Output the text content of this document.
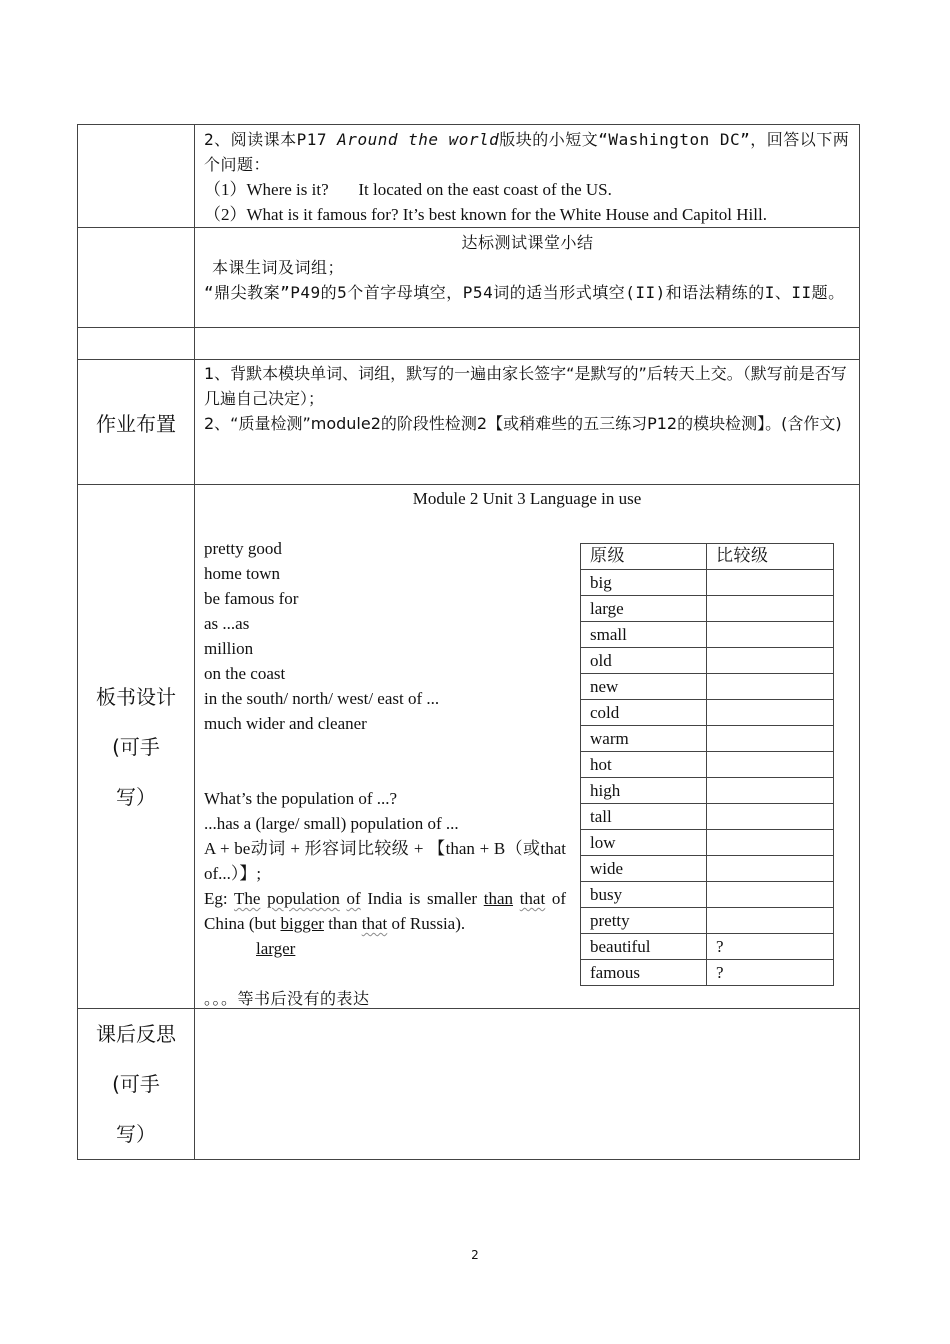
2、阅读课本P17 Around the world版块的小短文“Washington DC”，回答以下两个问题：
（1）Where is it?       It located on the east coast of the US.
（2）What is it famous for? It’s best known for the White House and Capitol Hill.

达标测试课堂小结
本课生词及词组；
“鼎尖教案”P49的5个首字母填空，P54词的适当形式填空(II)和语法精练的I、II题。

作业布置	
1、背默本模块单词、词组，默写的一遍由家长签字“是默写的”后转天上交。（默写前是否写几遍自己决定）；
2、“质量检测”module2的阶段性检测2【或稍难些的五三练习P12的模块检测】。(含作文)

板书设计
(可手
写）

Module 2 Unit 3 Language in use
pretty good
home town
be famous for
as ...as
million
on the coast
in the south/ north/ west/ east of ...
much wider and cleaner
What’s the population of ...?
...has a (large/ small) population of ...
A + be动词 + 形容词比较级 + 【than + B（或that of...）】;
Eg: The population of India is smaller than that of China (but bigger than that of Russia).
larger
。。。等书后没有的表达
原级	比较级
big	
large	
small	
old	
new	
cold	
warm	
hot	
high	
tall	
low	
wide	
busy	
pretty	
beautiful	?
famous	?

课后反思
(可手
写）

2
